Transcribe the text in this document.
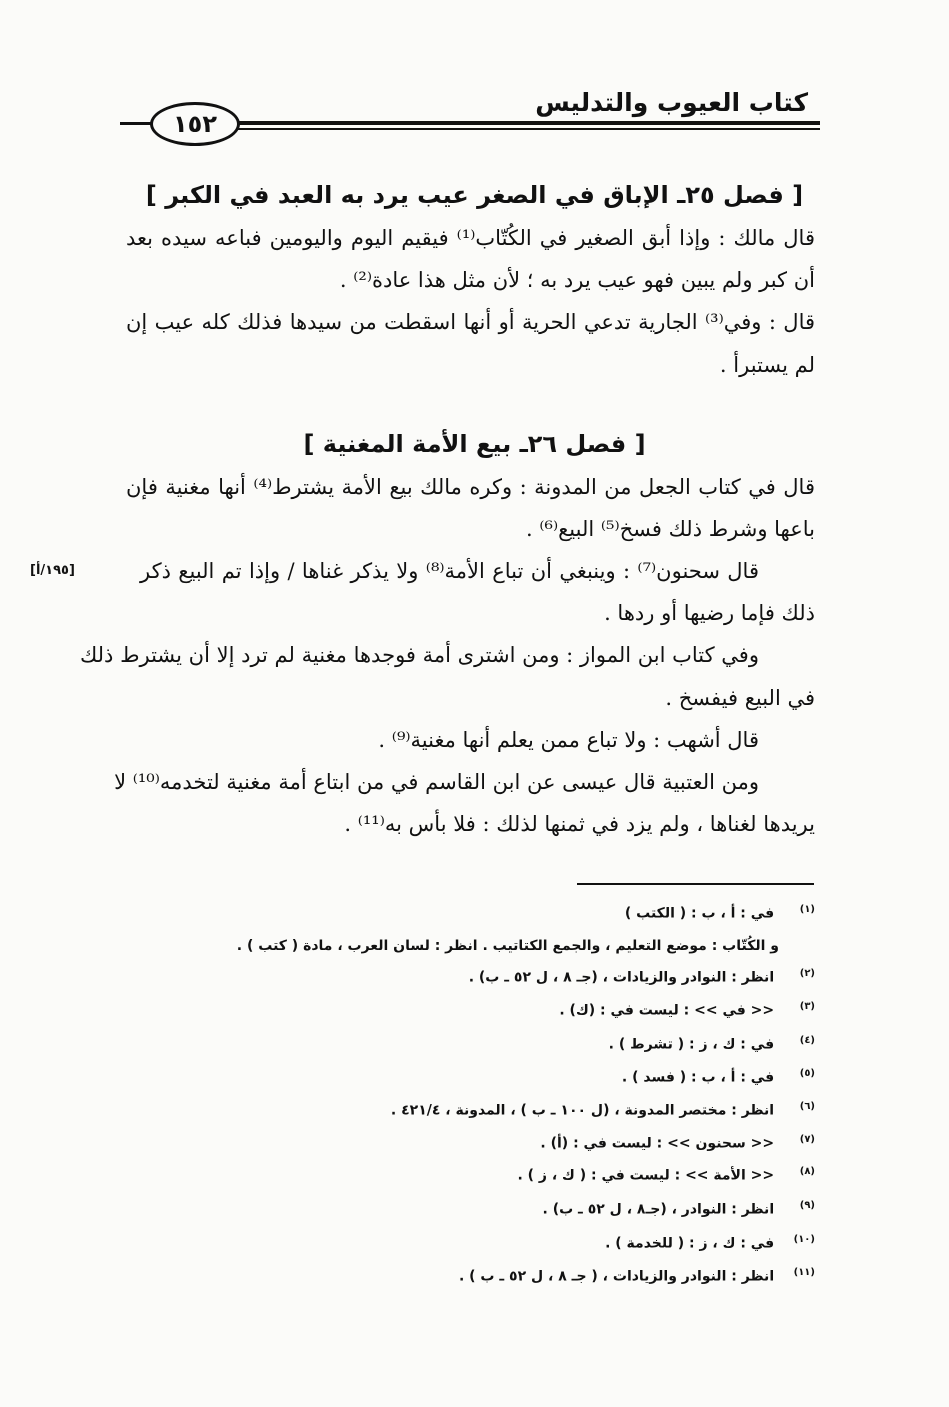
١٥٢
كتاب العيوب والتدليس
[ فصل ٢٥ـ الإباق في الصغر عيب يرد به العبد في الكبر ]
قال مالك : وإذا أبق الصغير في الكُتّاب⁽¹⁾ فيقيم اليوم واليومين فباعه سيده بعد
أن كبر ولم يبين فهو عيب يرد به ؛ لأن مثل هذا عادة⁽²⁾ .
قال : وفي⁽³⁾ الجارية تدعي الحرية أو أنها اسقطت من سيدها فذلك كله عيب إن
لم يستبرأ .
[ فصل ٢٦ـ بيع الأمة المغنية ]
قال في كتاب الجعل من المدونة : وكره مالك بيع الأمة يشترط⁽⁴⁾ أنها مغنية فإن
باعها وشرط ذلك فسخ⁽⁵⁾ البيع⁽⁶⁾ .
قال سحنون⁽⁷⁾ : وينبغي أن تباع الأمة⁽⁸⁾ ولا يذكر غناها / وإذا تم البيع ذكر
[١٩٥/أ]
ذلك فإما رضيها أو ردها .
وفي كتاب ابن المواز : ومن اشترى أمة فوجدها مغنية لم ترد إلا أن يشترط ذلك
في البيع فيفسخ .
قال أشهب : ولا تباع ممن يعلم أنها مغنية⁽⁹⁾ .
ومن العتبية قال عيسى عن ابن القاسم في من ابتاع أمة مغنية لتخدمه⁽¹⁰⁾ لا
يريدها لغناها ، ولم يزد في ثمنها لذلك : فلا بأس به⁽¹¹⁾ .
(١) في : أ ، ب : ( الكتب )
و الكُتّاب : موضع التعليم ، والجمع الكتاتيب . انظر : لسان العرب ، مادة ( كتب ) .
(٢) انظر : النوادر والزيادات ، (جـ ٨ ، ل ٥٢ ـ ب) .
(٣) << في >> : ليست في : (ك) .
(٤) في : ك ، ز : ( تشرط ) .
(٥) في : أ ، ب : ( فسد ) .
(٦) انظر : مختصر المدونة ، (ل ١٠٠ ـ ب ) ، المدونة ، ٤٢١/٤ .
(٧) << سحنون >> : ليست في : (أ) .
(٨) << الأمة >> : ليست في : ( ك ، ز ) .
(٩) انظر : النوادر ، (جـ٨ ، ل ٥٢ ـ ب) .
(١٠) في : ك ، ز : ( للخدمة ) .
(١١) انظر : النوادر والزيادات ، ( جـ ٨ ، ل ٥٢ ـ ب ) .
